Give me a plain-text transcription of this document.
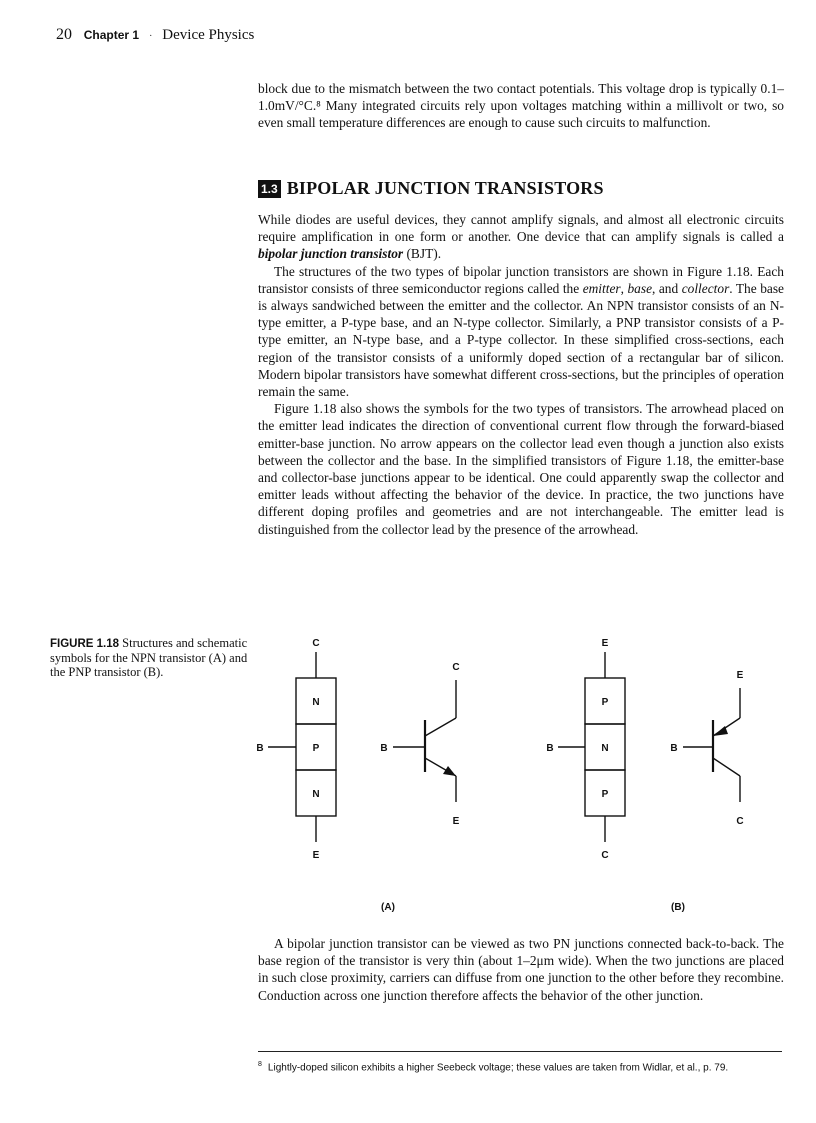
20 Chapter 1 · Device Physics

block due to the mismatch between the two contact potentials. This voltage drop is typically 0.1–1.0mV/°C.⁸ Many integrated circuits rely upon voltages matching within a millivolt or two, so even small temperature differences are enough to cause such circuits to malfunction.

1.3 BIPOLAR JUNCTION TRANSISTORS

While diodes are useful devices, they cannot amplify signals, and almost all electronic circuits require amplification in one form or another. One device that can amplify signals is called a bipolar junction transistor (BJT).

The structures of the two types of bipolar junction transistors are shown in Figure 1.18. Each transistor consists of three semiconductor regions called the emitter, base, and collector. The base is always sandwiched between the emitter and the collector. An NPN transistor consists of an N-type emitter, a P-type base, and an N-type collector. Similarly, a PNP transistor consists of a P-type emitter, an N-type base, and a P-type collector. In these simplified cross-sections, each region of the transistor consists of a uniformly doped section of a rectangular bar of silicon. Modern bipolar transistors have somewhat different cross-sections, but the principles of operation remain the same.

Figure 1.18 also shows the symbols for the two types of transistors. The arrowhead placed on the emitter lead indicates the direction of conventional current flow through the forward-biased emitter-base junction. No arrow appears on the collector lead even though a junction also exists between the collector and the base. In the simplified transistors of Figure 1.18, the emitter-base and collector-base junctions appear to be identical. One could apparently swap the collector and emitter leads without affecting the behavior of the device. In practice, the two junctions have different doping profiles and geometries and are not interchangeable. The emitter lead is distinguished from the collector lead by the presence of the arrowhead.

FIGURE 1.18 Structures and schematic symbols for the NPN transistor (A) and the PNP transistor (B).
C
N
P
N
B
E
C
B
E
E
P
N
P
B
C
E
B
C
(A)	(B)

A bipolar junction transistor can be viewed as two PN junctions connected back-to-back. The base region of the transistor is very thin (about 1–2μm wide). When the two junctions are placed in such close proximity, carriers can diffuse from one junction to the other before they recombine. Conduction across one junction therefore affects the behavior of the other junction.

$^8$ Lightly-doped silicon exhibits a higher Seebeck voltage; these values are taken from Widlar, et al., p. 79.
